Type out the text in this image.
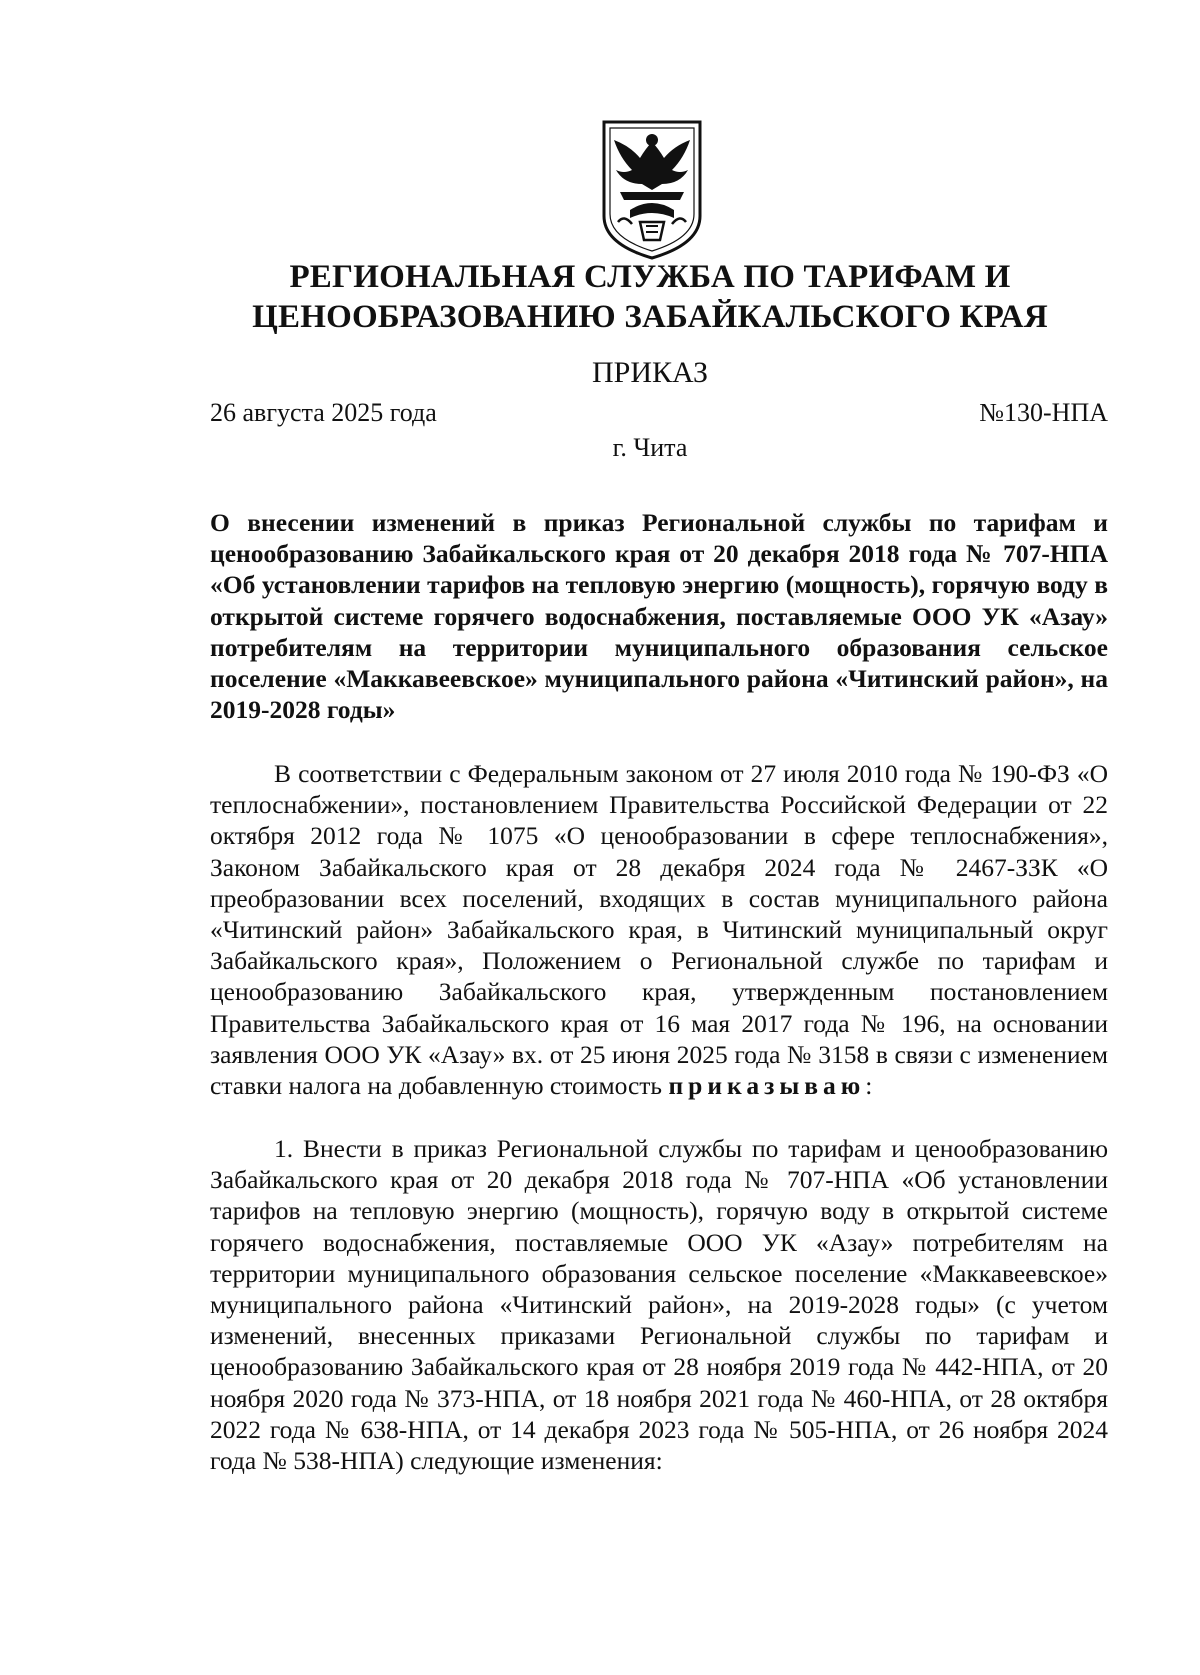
РЕГИОНАЛЬНАЯ СЛУЖБА ПО ТАРИФАМ И
ЦЕНООБРАЗОВАНИЮ ЗАБАЙКАЛЬСКОГО КРАЯ
ПРИКАЗ
26 августа 2025 года	№130-НПА
г. Чита
О внесении изменений в приказ Региональной службы по тарифам и ценообразованию Забайкальского края от 20 декабря 2018 года № 707-НПА «Об установлении тарифов на тепловую энергию (мощность), горячую воду в открытой системе горячего водоснабжения, поставляемые ООО УК «Азау» потребителям на территории муниципального образования сельское поселение «Маккавеевское» муниципального района «Читинский район», на 2019-2028 годы»
В соответствии с Федеральным законом от 27 июля 2010 года № 190-ФЗ «О теплоснабжении», постановлением Правительства Российской Федерации от 22 октября 2012 года № 1075 «О ценообразовании в сфере теплоснабжения», Законом Забайкальского края от 28 декабря 2024 года № 2467-ЗЗК «О преобразовании всех поселений, входящих в состав муниципального района «Читинский район» Забайкальского края, в Читинский муниципальный округ Забайкальского края», Положением о Региональной службе по тарифам и ценообразованию Забайкальского края, утвержденным постановлением Правительства Забайкальского края от 16 мая 2017 года № 196, на основании заявления ООО УК «Азау» вх. от 25 июня 2025 года № 3158 в связи с изменением ставки налога на добавленную стоимость приказываю:
1. Внести в приказ Региональной службы по тарифам и ценообразованию Забайкальского края от 20 декабря 2018 года № 707-НПА «Об установлении тарифов на тепловую энергию (мощность), горячую воду в открытой системе горячего водоснабжения, поставляемые ООО УК «Азау» потребителям на территории муниципального образования сельское поселение «Маккавеевское» муниципального района «Читинский район», на 2019-2028 годы» (с учетом изменений, внесенных приказами Региональной службы по тарифам и ценообразованию Забайкальского края от 28 ноября 2019 года № 442-НПА, от 20 ноября 2020 года № 373-НПА, от 18 ноября 2021 года № 460-НПА, от 28 октября 2022 года № 638-НПА, от 14 декабря 2023 года № 505-НПА, от 26 ноября 2024 года № 538-НПА) следующие изменения:
